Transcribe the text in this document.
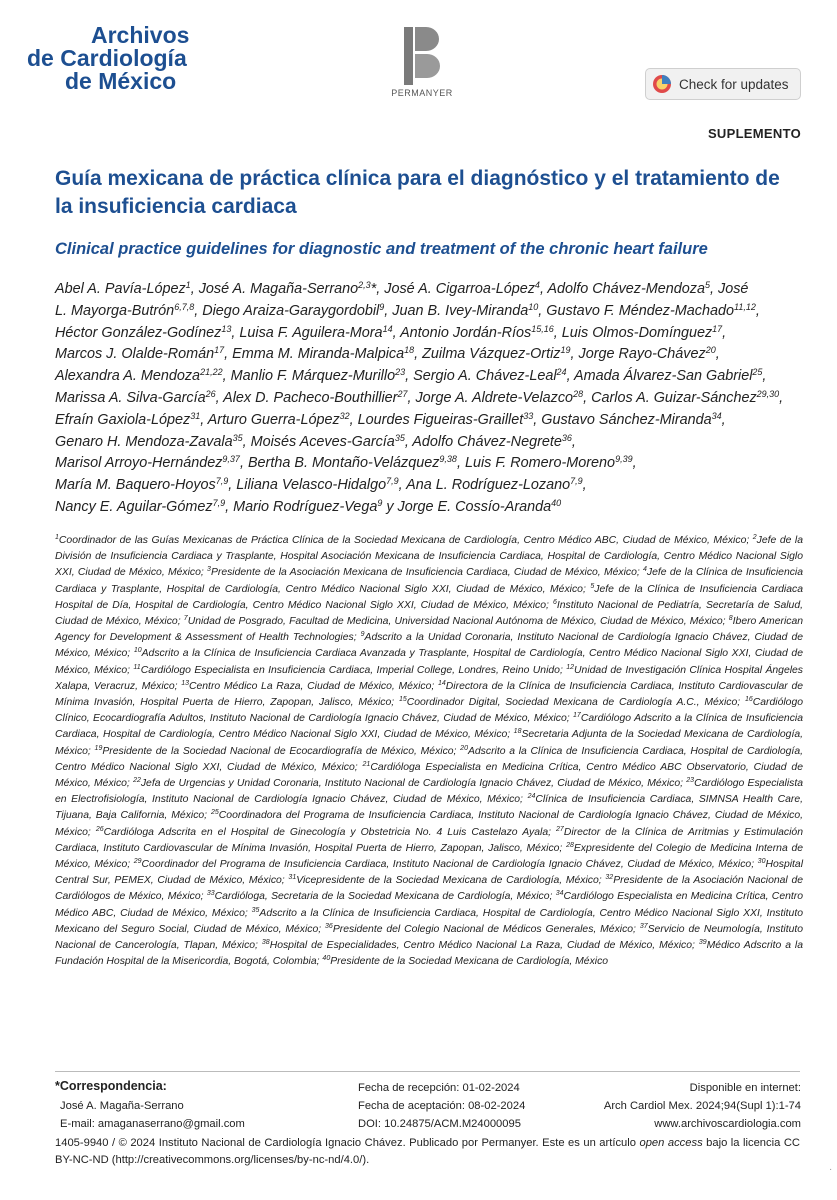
Archivos
de Cardiología
de México	PERMANYER
Check for updates
SUPLEMENTO
Guía mexicana de práctica clínica para el diagnóstico y el tratamiento de la insuficiencia cardiaca
Clinical practice guidelines for diagnostic and treatment of the chronic heart failure
Abel A. Pavía-López$^1$, José A. Magaña-Serrano$^{2,3}$*, José A. Cigarroa-López$^4$, Adolfo Chávez-Mendoza$^5$, José
L. Mayorga-Butrón$^{6,7,8}$, Diego Araiza-Garaygordobil$^9$, Juan B. Ivey-Miranda$^{10}$, Gustavo F. Méndez-Machado$^{11,12}$,
Héctor González-Godínez$^{13}$, Luisa F. Aguilera-Mora$^{14}$, Antonio Jordán-Ríos$^{15,16}$, Luis Olmos-Domínguez$^{17}$,
Marcos J. Olalde-Román$^{17}$, Emma M. Miranda-Malpica$^{18}$, Zuilma Vázquez-Ortiz$^{19}$, Jorge Rayo-Chávez$^{20}$,
Alexandra A. Mendoza$^{21,22}$, Manlio F. Márquez-Murillo$^{23}$, Sergio A. Chávez-Leal$^{24}$, Amada Álvarez-San Gabriel$^{25}$,
Marissa A. Silva-García$^{26}$, Alex D. Pacheco-Bouthillier$^{27}$, Jorge A. Aldrete-Velazco$^{28}$, Carlos A. Guizar-Sánchez$^{29,30}$,
Efraín Gaxiola-López$^{31}$, Arturo Guerra-López$^{32}$, Lourdes Figueiras-Graillet$^{33}$, Gustavo Sánchez-Miranda$^{34}$,
Genaro H. Mendoza-Zavala$^{35}$, Moisés Aceves-García$^{35}$, Adolfo Chávez-Negrete$^{36}$,
Marisol Arroyo-Hernández$^{9,37}$, Bertha B. Montaño-Velázquez$^{9,38}$, Luis F. Romero-Moreno$^{9,39}$,
María M. Baquero-Hoyos$^{7,9}$, Liliana Velasco-Hidalgo$^{7,9}$, Ana L. Rodríguez-Lozano$^{7,9}$,
Nancy E. Aguilar-Gómez$^{7,9}$, Mario Rodríguez-Vega$^9$ y Jorge E. Cossío-Aranda$^{40}$
$^1$Coordinador de las Guías Mexicanas de Práctica Clínica de la Sociedad Mexicana de Cardiología, Centro Médico ABC, Ciudad de México, México; $^2$Jefe de la División de Insuficiencia Cardiaca y Trasplante, Hospital Asociación Mexicana de Insuficiencia Cardiaca, Hospital de Cardiología, Centro Médico Nacional Siglo XXI, Ciudad de México, México; $^3$Presidente de la Asociación Mexicana de Insuficiencia Cardiaca, Ciudad de México, México; $^4$Jefe de la Clínica de Insuficiencia Cardiaca y Trasplante, Hospital de Cardiología, Centro Médico Nacional Siglo XXI, Ciudad de México, México; $^5$Jefe de la Clínica de Insuficiencia Cardiaca Hospital de Día, Hospital de Cardiología, Centro Médico Nacional Siglo XXI, Ciudad de México, México; $^6$Instituto Nacional de Pediatría, Secretaría de Salud, Ciudad de México, México; $^7$Unidad de Posgrado, Facultad de Medicina, Universidad Nacional Autónoma de México, Ciudad de México, México; $^8$Ibero American Agency for Development & Assessment of Health Technologies; $^9$Adscrito a la Unidad Coronaria, Instituto Nacional de Cardiología Ignacio Chávez, Ciudad de México, México; $^{10}$Adscrito a la Clínica de Insuficiencia Cardiaca Avanzada y Trasplante, Hospital de Cardiología, Centro Médico Nacional Siglo XXI, Ciudad de México, México; $^{11}$Cardiólogo Especialista en Insuficiencia Cardiaca, Imperial College, Londres, Reino Unido; $^{12}$Unidad de Investigación Clínica Hospital Ángeles Xalapa, Veracruz, México; $^{13}$Centro Médico La Raza, Ciudad de México, México; $^{14}$Directora de la Clínica de Insuficiencia Cardiaca, Instituto Cardiovascular de Mínima Invasión, Hospital Puerta de Hierro, Zapopan, Jalisco, México; $^{15}$Coordinador Digital, Sociedad Mexicana de Cardiología A.C., México; $^{16}$Cardiólogo Clínico, Ecocardiografía Adultos, Instituto Nacional de Cardiología Ignacio Chávez, Ciudad de México, México; $^{17}$Cardiólogo Adscrito a la Clínica de Insuficiencia Cardiaca, Hospital de Cardiología, Centro Médico Nacional Siglo XXI, Ciudad de México, México; $^{18}$Secretaria Adjunta de la Sociedad Mexicana de Cardiología, México; $^{19}$Presidente de la Sociedad Nacional de Ecocardiografía de México, México; $^{20}$Adscrito a la Clínica de Insuficiencia Cardiaca, Hospital de Cardiología, Centro Médico Nacional Siglo XXI, Ciudad de México, México; $^{21}$Cardióloga Especialista en Medicina Crítica, Centro Médico ABC Observatorio, Ciudad de México, México; $^{22}$Jefa de Urgencias y Unidad Coronaria, Instituto Nacional de Cardiología Ignacio Chávez, Ciudad de México, México; $^{23}$Cardiólogo Especialista en Electrofisiología, Instituto Nacional de Cardiología Ignacio Chávez, Ciudad de México, México; $^{24}$Clínica de Insuficiencia Cardiaca, SIMNSA Health Care, Tijuana, Baja California, México; $^{25}$Coordinadora del Programa de Insuficiencia Cardiaca, Instituto Nacional de Cardiología Ignacio Chávez, Ciudad de México, México; $^{26}$Cardióloga Adscrita en el Hospital de Ginecología y Obstetricia No. 4 Luis Castelazo Ayala; $^{27}$Director de la Clínica de Arritmias y Estimulación Cardiaca, Instituto Cardiovascular de Mínima Invasión, Hospital Puerta de Hierro, Zapopan, Jalisco, México; $^{28}$Expresidente del Colegio de Medicina Interna de México, México; $^{29}$Coordinador del Programa de Insuficiencia Cardiaca, Instituto Nacional de Cardiología Ignacio Chávez, Ciudad de México, México; $^{30}$Hospital Central Sur, PEMEX, Ciudad de México, México; $^{31}$Vicepresidente de la Sociedad Mexicana de Cardiología, México; $^{32}$Presidente de la Asociación Nacional de Cardiólogos de México, México; $^{33}$Cardióloga, Secretaria de la Sociedad Mexicana de Cardiología, México; $^{34}$Cardiólogo Especialista en Medicina Crítica, Centro Médico ABC, Ciudad de México, México; $^{35}$Adscrito a la Clínica de Insuficiencia Cardiaca, Hospital de Cardiología, Centro Médico Nacional Siglo XXI, Instituto Mexicano del Seguro Social, Ciudad de México, México; $^{36}$Presidente del Colegio Nacional de Médicos Generales, México; $^{37}$Servicio de Neumología, Instituto Nacional de Cancerología, Tlapan, México; $^{38}$Hospital de Especialidades, Centro Médico Nacional La Raza, Ciudad de México, México; $^{39}$Médico Adscrito a la Fundación Hospital de la Misericordia, Bogotá, Colombia; $^{40}$Presidente de la Sociedad Mexicana de Cardiología, México
*Correspondencia:
José A. Magaña-Serrano
E-mail: amaganaserrano@gmail.com
Fecha de recepción: 01-02-2024
Fecha de aceptación: 08-02-2024
DOI: 10.24875/ACM.M24000095
Disponible en internet:
Arch Cardiol Mex. 2024;94(Supl 1):1-74
www.archivoscardiologia.com
1405-9940 / © 2024 Instituto Nacional de Cardiología Ignacio Chávez. Publicado por Permanyer. Este es un artículo open access bajo la licencia CC BY-NC-ND (http://creativecommons.org/licenses/by-nc-nd/4.0/).
.
